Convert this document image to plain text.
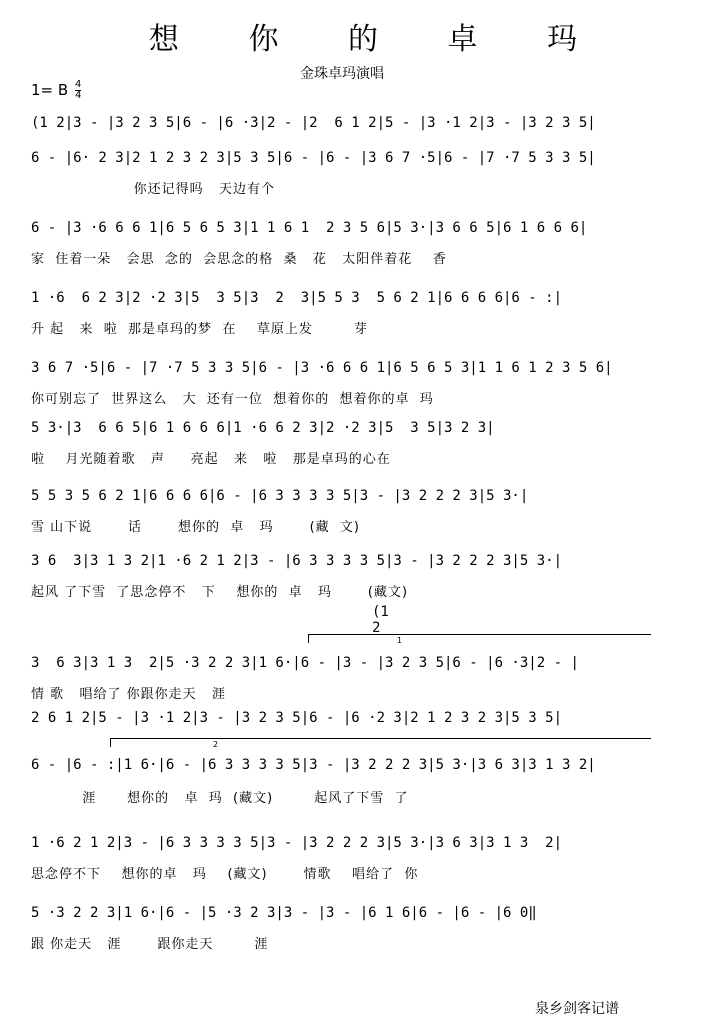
想 你 的 卓 玛
金珠卓玛演唱
1= B $\frac{4}{4}$
(1 2|3 - |3 2 3 5|6 - |6 ·3|2 - |2  6 1 2|5 - |3 ·1 2|3 - |3 2 3 5|
6 - |6· 2 3|2 1 2 3 2 3|5 3 5|6 - |6 - |3 6 7 ·5|6 - |7 ·7 5 3 3 5|
你还记得吗   天边有个
6 - |3 ·6 6 6 1|6 5 6 5 3|1 1 6 1  2 3 5 6|5 3·|3 6 6 5|6 1 6 6 6|
家  住着一朵   会思  念的  会思念的格  桑   花   太阳伴着花    香
1 ·6  6 2 3|2 ·2 3|5  3 5|3  2  3|5 5 3  5 6 2 1|6 6 6 6|6 - :|
升 起   来  啦  那是卓玛的梦  在    草原上发        芽
3 6 7 ·5|6 - |7 ·7 5 3 3 5|6 - |3 ·6 6 6 1|6 5 6 5 3|1 1 6 1 2 3 5 6|
你可别忘了  世界这么   大  还有一位  想着你的  想着你的卓  玛
5 3·|3  6 6 5|6 1 6 6 6|1 ·6 6 2 3|2 ·2 3|5  3 5|3 2 3|
啦    月光随着歌   声     亮起   来   啦   那是卓玛的心在
5 5 3 5 6 2 1|6 6 6 6|6 - |6 3 3 3 3 5|3 - |3 2 2 2 3|5 3·|
雪 山下说       话       想你的  卓   玛       (藏  文)
3 6  3|3 1 3 2|1 ·6 2 1 2|3 - |6 3 3 3 3 5|3 - |3 2 2 2 3|5 3·|
起风 了下雪  了思念停不   下    想你的  卓   玛       (藏文)
(1 2
1
3  6 3|3 1 3  2|5 ·3 2 2 3|1 6·|6 - |3 - |3 2 3 5|6 - |6 ·3|2 - |
情 歌   唱给了 你跟你走天   涯
2 6 1 2|5 - |3 ·1 2|3 - |3 2 3 5|6 - |6 ·2 3|2 1 2 3 2 3|5 3 5|
2
6 - |6 - :|1 6·|6 - |6 3 3 3 3 5|3 - |3 2 2 2 3|5 3·|3 6 3|3 1 3 2|
涯      想你的   卓  玛  (藏文)        起风了下雪  了
1 ·6 2 1 2|3 - |6 3 3 3 3 5|3 - |3 2 2 2 3|5 3·|3 6 3|3 1 3  2|
思念停不下    想你的卓   玛    (藏文)       情歌    唱给了  你
5 ·3 2 2 3|1 6·|6 - |5 ·3 2 3|3 - |3 - |6 1 6|6 - |6 - |6 0‖
跟 你走天   涯       跟你走天        涯
泉乡剑客记谱
